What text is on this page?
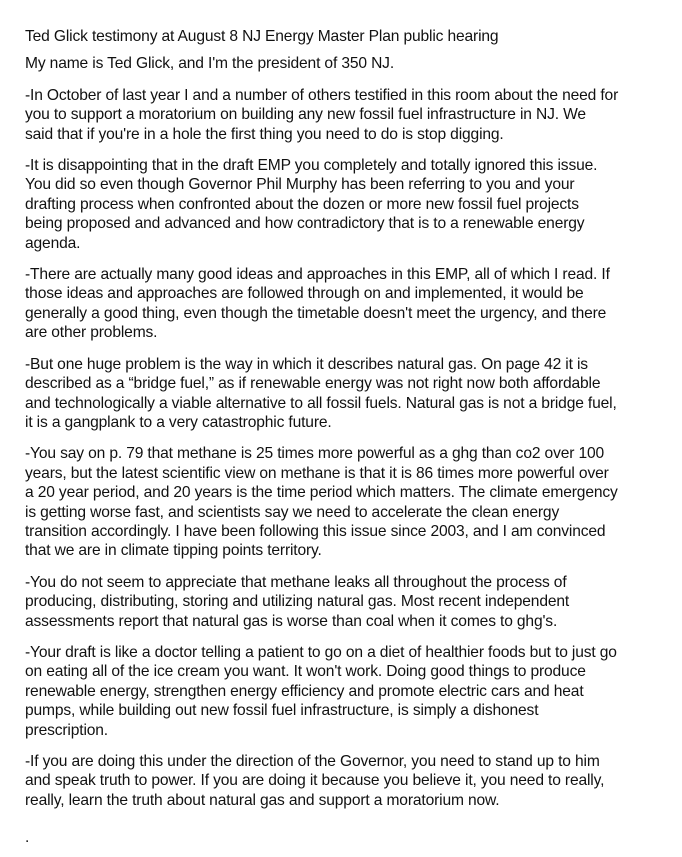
Ted Glick testimony at August 8 NJ Energy Master Plan public hearing
My name is Ted Glick, and I'm the president of 350 NJ.
-In October of last year I and a number of others testified in this room about the need for
you to support a moratorium on building any new fossil fuel infrastructure in NJ. We
said that if you're in a hole the first thing you need to do is stop digging.
-It is disappointing that in the draft EMP you completely and totally ignored this issue.
You did so even though Governor Phil Murphy has been referring to you and your
drafting process when confronted about the dozen or more new fossil fuel projects
being proposed and advanced and how contradictory that is to a renewable energy
agenda.
-There are actually many good ideas and approaches in this EMP, all of which I read. If
those ideas and approaches are followed through on and implemented, it would be
generally a good thing, even though the timetable doesn't meet the urgency, and there
are other problems.
-But one huge problem is the way in which it describes natural gas. On page 42 it is
described as a “bridge fuel,” as if renewable energy was not right now both affordable
and technologically a viable alternative to all fossil fuels. Natural gas is not a bridge fuel,
it is a gangplank to a very catastrophic future.
-You say on p. 79 that methane is 25 times more powerful as a ghg than co2 over 100
years, but the latest scientific view on methane is that it is 86 times more powerful over
a 20 year period, and 20 years is the time period which matters. The climate emergency
is getting worse fast, and scientists say we need to accelerate the clean energy
transition accordingly. I have been following this issue since 2003, and I am convinced
that we are in climate tipping points territory.
-You do not seem to appreciate that methane leaks all throughout the process of
producing, distributing, storing and utilizing natural gas. Most recent independent
assessments report that natural gas is worse than coal when it comes to ghg's.
-Your draft is like a doctor telling a patient to go on a diet of healthier foods but to just go
on eating all of the ice cream you want. It won't work. Doing good things to produce
renewable energy, strengthen energy efficiency and promote electric cars and heat
pumps, while building out new fossil fuel infrastructure, is simply a dishonest
prescription.
-If you are doing this under the direction of the Governor, you need to stand up to him
and speak truth to power. If you are doing it because you believe it, you need to really,
really, learn the truth about natural gas and support a moratorium now.
.
